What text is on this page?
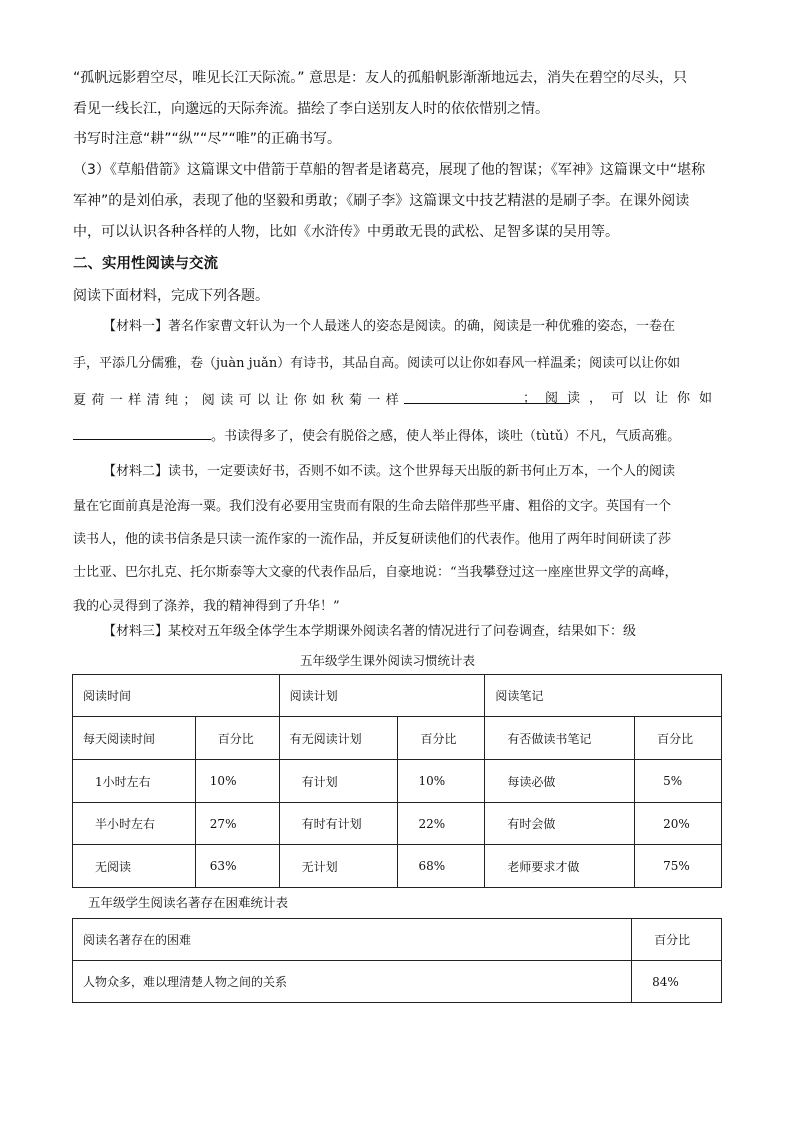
“孤帆远影碧空尽，唯见长江天际流。” 意思是：友人的孤船帆影渐渐地远去，消失在碧空的尽头，只
看见一线长江，向邈远的天际奔流。描绘了李白送别友人时的依依惜别之情。
书写时注意“耕”“纵”“尽”“唯”的正确书写。
（3）《草船借箭》这篇课文中借箭于草船的智者是诸葛亮，展现了他的智谋；《军神》这篇课文中“堪称
军神”的是刘伯承，表现了他的坚毅和勇敢；《刷子李》这篇课文中技艺精湛的是刷子李。在课外阅读
中，可以认识各种各样的人物，比如《水浒传》中勇敢无畏的武松、足智多谋的吴用等。
二、实用性阅读与交流
阅读下面材料，完成下列各题。
【材料一】著名作家曹文轩认为一个人最迷人的姿态是阅读。的确，阅读是一种优雅的姿态，一卷在
手，平添几分儒雅，卷（juàn juǎn）有诗书，其品自高。阅读可以让你如春风一样温柔；阅读可以让你如
夏荷一样清纯；阅读可以让你如秋菊一样	；阅读，可以让你如
。书读得多了，使会有脱俗之感，使人举止得体，谈吐（tùtǔ）不凡，气质高雅。
【材料二】读书，一定要读好书，否则不如不读。这个世界每天出版的新书何止万本，一个人的阅读
量在它面前真是沧海一粟。我们没有必要用宝贵而有限的生命去陪伴那些平庸、粗俗的文字。英国有一个
读书人，他的读书信条是只读一流作家的一流作品，并反复研读他们的代表作。他用了两年时间研读了莎
士比亚、巴尔扎克、托尔斯泰等大文豪的代表作品后，自豪地说：“当我攀登过这一座座世界文学的高峰，
我的心灵得到了涤养，我的精神得到了升华！”
【材料三】某校对五年级全体学生本学期课外阅读名著的情况进行了问卷调查，结果如下：级
五年级学生课外阅读习惯统计表
阅读时间		阅读计划		阅读笔记	
每天阅读时间	百分比	有无阅读计划	百分比	有否做读书笔记	百分比
1小时左右	10%	有计划	10%	每读必做	5%
半小时左右	27%	有时有计划	22%	有时会做	20%
无阅读	63%	无计划	68%	老师要求才做	75%
五年级学生阅读名著存在困难统计表
阅读名著存在的困难	百分比
人物众多，难以理清楚人物之间的关系	84%
